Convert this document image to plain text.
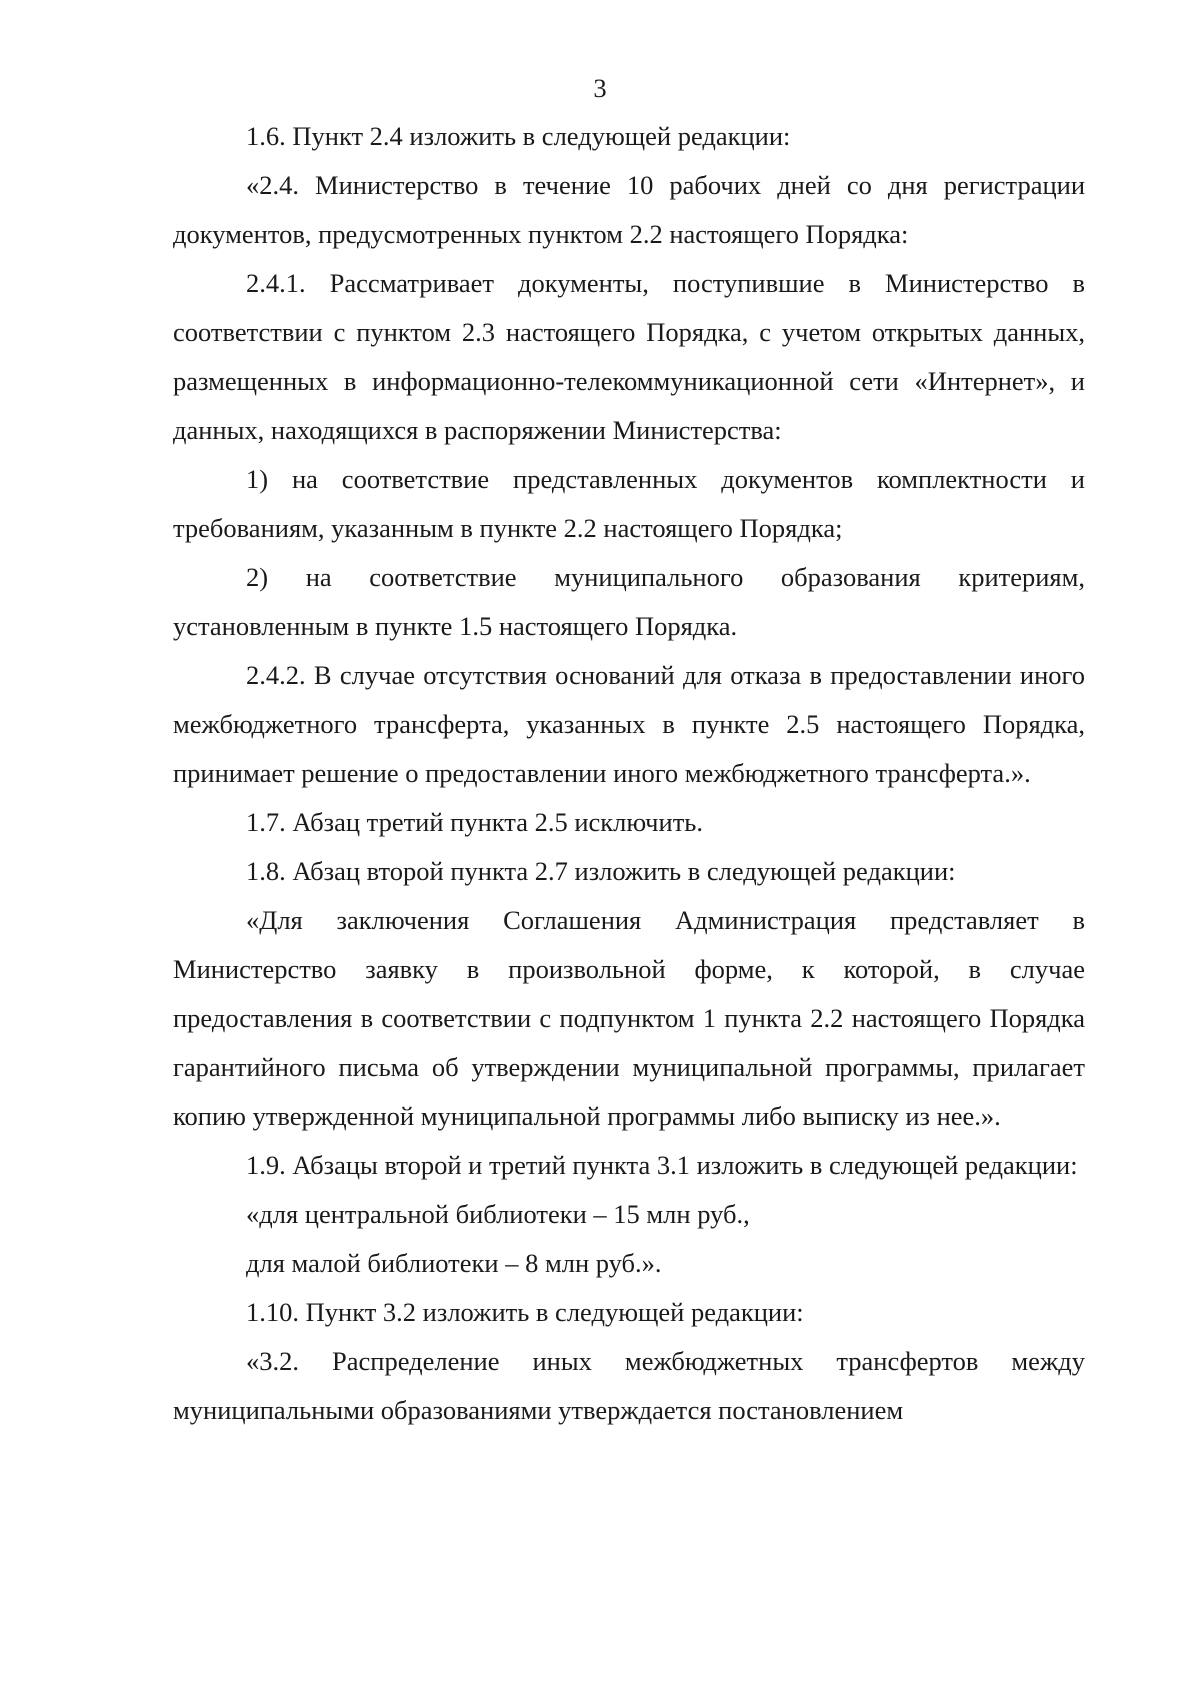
3

1.6. Пункт 2.4 изложить в следующей редакции:

«2.4. Министерство в течение 10 рабочих дней со дня регистрации документов, предусмотренных пунктом 2.2 настоящего Порядка:

2.4.1. Рассматривает документы, поступившие в Министерство в соответствии с пунктом 2.3 настоящего Порядка, с учетом открытых данных, размещенных в информационно-телекоммуникационной сети «Интернет», и данных, находящихся в распоряжении Министерства:

1) на соответствие представленных документов комплектности и требованиям, указанным в пункте 2.2 настоящего Порядка;

2) на соответствие муниципального образования критериям, установленным в пункте 1.5 настоящего Порядка.

2.4.2. В случае отсутствия оснований для отказа в предоставлении иного межбюджетного трансферта, указанных в пункте 2.5 настоящего Порядка, принимает решение о предоставлении иного межбюджетного трансферта.».

1.7. Абзац третий пункта 2.5 исключить.

1.8. Абзац второй пункта 2.7 изложить в следующей редакции:

«Для заключения Соглашения Администрация представляет в Министерство заявку в произвольной форме, к которой, в случае предоставления в соответствии с подпунктом 1 пункта 2.2 настоящего Порядка гарантийного письма об утверждении муниципальной программы, прилагает копию утвержденной муниципальной программы либо выписку из нее.».

1.9. Абзацы второй и третий пункта 3.1 изложить в следующей редакции:

«для центральной библиотеки – 15 млн руб.,

для малой библиотеки – 8 млн руб.».

1.10. Пункт 3.2 изложить в следующей редакции:

«3.2. Распределение иных межбюджетных трансфертов между муниципальными образованиями утверждается постановлением
